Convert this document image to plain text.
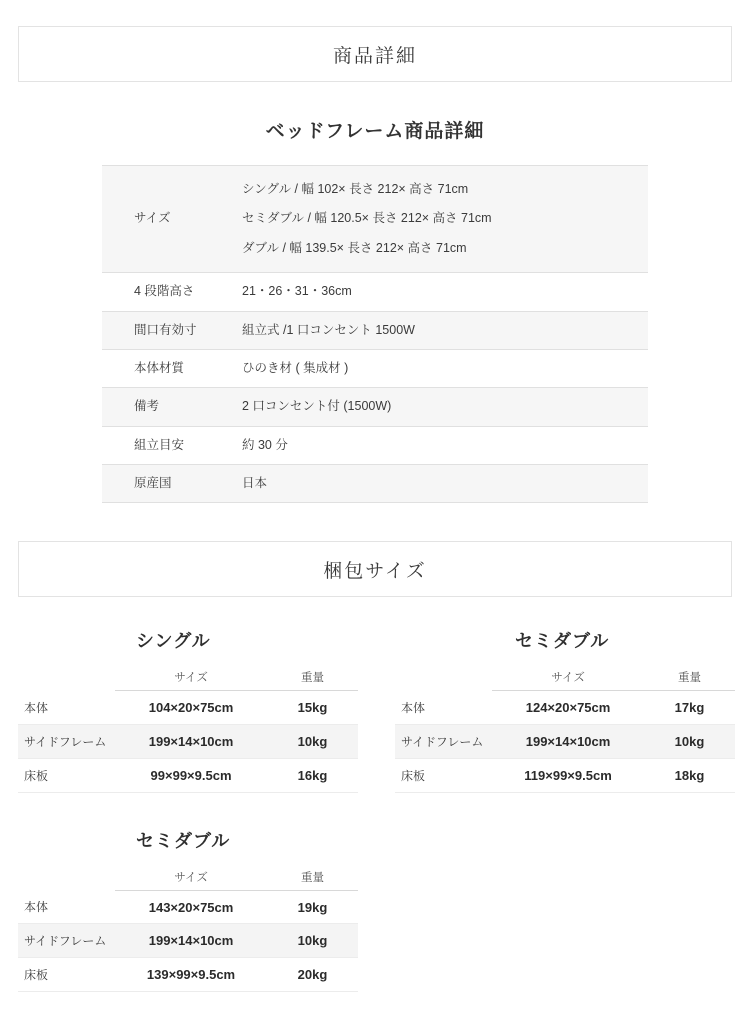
商品詳細
ベッドフレーム商品詳細
サイズ	シングル / 幅 102× 長さ 212× 高さ 71cm
セミダブル / 幅 120.5× 長さ 212× 高さ 71cm
ダブル / 幅 139.5× 長さ 212× 高さ 71cm

4 段階高さ	21・26・31・36cm
間口有効寸	組立式 /1 口コンセント 1500W
本体材質	ひのき材 ( 集成材 )
備考	2 口コンセント付 (1500W)
組立目安	約 30 分
原産国	日本
梱包サイズ
シングル
	サイズ	重量
本体	104×20×75cm	15kg
サイドフレーム	199×14×10cm	10kg
床板	99×99×9.5cm	16kg
セミダブル
	サイズ	重量
本体	124×20×75cm	17kg
サイドフレーム	199×14×10cm	10kg
床板	119×99×9.5cm	18kg
セミダブル
	サイズ	重量
本体	143×20×75cm	19kg
サイドフレーム	199×14×10cm	10kg
床板	139×99×9.5cm	20kg
